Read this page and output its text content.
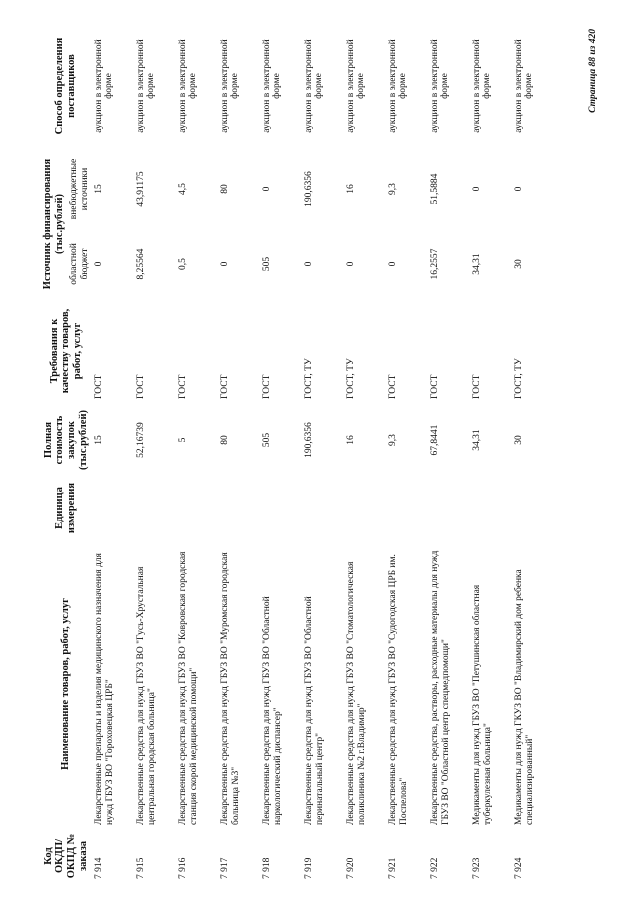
Код ОКДП/ ОКПД № заказа	Наименование товаров, работ, услуг	Единица измерения	Полная стоимость закупок (тыс.рублей)	Требования к качеству товаров, работ, услуг	Источник финансирования (тыс.рублей)		Способ определения поставщиков
					областной бюджет	внебюджетные источники	
7 914	Лекарственные препараты и изделия медицинского назначения для нужд ГБУЗ ВО "Гороховецкая ЦРБ"		15	ГОСТ	0	15	аукцион в электронной форме
7 915	Лекарственные средства для нужд ГБУЗ ВО "Гусь-Хрустальная центральная городская больница"		52,16739	ГОСТ	8,25564	43,91175	аукцион в электронной форме
7 916	Лекарственные средства для нужд ГБУЗ ВО "Ковровская городская станция скорой медицинской помощи"		5	ГОСТ	0,5	4,5	аукцион в электронной форме
7 917	Лекарственные средства для нужд ГБУЗ ВО "Муромская городская больница №3"		80	ГОСТ	0	80	аукцион в электронной форме
7 918	Лекарственные средства для нужд ГБУЗ ВО "Областной наркологический диспансер"		505	ГОСТ	505	0	аукцион в электронной форме
7 919	Лекарственные средства для нужд ГБУЗ ВО "Областной перинатальный центр"		190,6356	ГОСТ, ТУ	0	190,6356	аукцион в электронной форме
7 920	Лекарственные средства для нужд ГБУЗ ВО "Стоматологическая поликлиника №2 г.Владимир"		16	ГОСТ, ТУ	0	16	аукцион в электронной форме
7 921	Лекарственные средства для нужд ГБУЗ ВО "Судогодская ЦРБ им. Поспелова"		9,3	ГОСТ	0	9,3	аукцион в электронной форме
7 922	Лекарственные средства, растворы, расходные материалы для нужд ГБУЗ ВО "Областной центр спецмедпомощи"		67,8441	ГОСТ	16,2557	51,5884	аукцион в электронной форме
7 923	Медикаменты для нужд ГБУЗ ВО "Петушинская областная туберкулезная больница"		34,31	ГОСТ	34,31	0	аукцион в электронной форме
7 924	Медикаменты для нужд ГКУЗ ВО "Владимирский дом ребенка специализированный"		30	ГОСТ, ТУ	30	0	аукцион в электронной форме	Страница 88 из 420
